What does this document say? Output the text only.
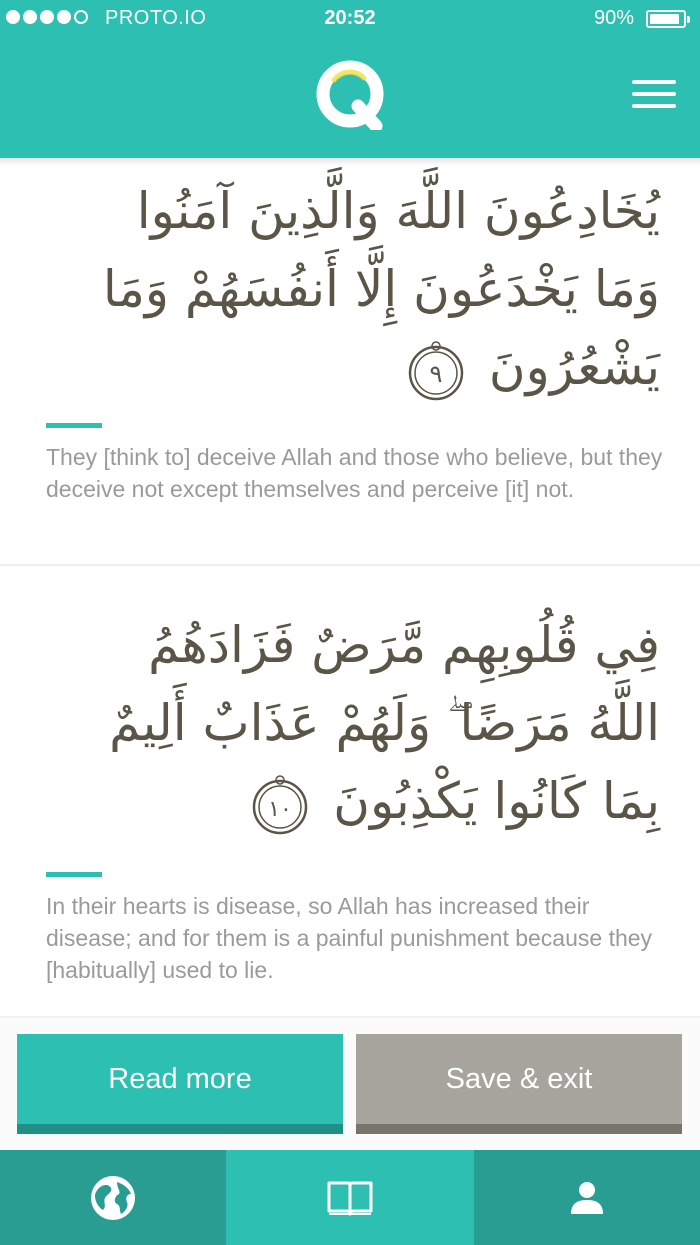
PROTO.IO	20:52	90%
يُخَادِعُونَ اللَّهَ وَالَّذِينَ آمَنُوا وَمَا يَخْدَعُونَ إِلَّا أَنفُسَهُمْ وَمَا يَشْعُرُونَ
٩

They [think to] deceive Allah and those who believe, but they deceive not except themselves and perceive [it] not.

فِي قُلُوبِهِم مَّرَضٌ فَزَادَهُمُ اللَّهُ مَرَضًا ۖ وَلَهُمْ عَذَابٌ أَلِيمٌ بِمَا كَانُوا يَكْذِبُونَ
١٠

In their hearts is disease, so Allah has increased their disease; and for them is a painful punishment because they [habitually] used to lie.

Read more	Save & exit
